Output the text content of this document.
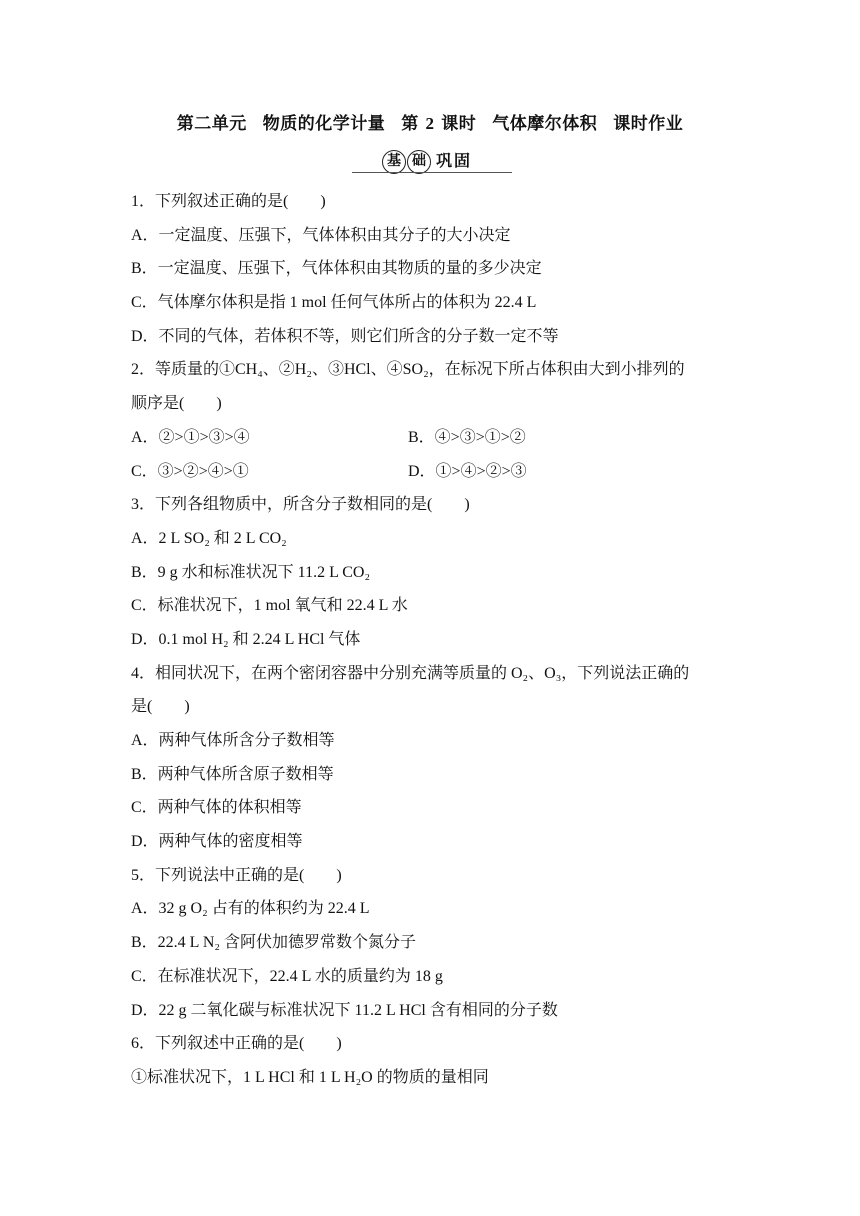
第二单元 物质的化学计量 第 2 课时 气体摩尔体积 课时作业
基 础 巩固
1．下列叙述正确的是(　　)
A．一定温度、压强下，气体体积由其分子的大小决定
B．一定温度、压强下，气体体积由其物质的量的多少决定
C．气体摩尔体积是指 1 mol 任何气体所占的体积为 22.4 L
D．不同的气体，若体积不等，则它们所含的分子数一定不等
2．等质量的①CH₄、②H₂、③HCl、④SO₂，在标况下所占体积由大到小排列的
顺序是(　　)
A．②>①>③>④	B．④>③>①>②
C．③>②>④>①	D．①>④>②>③
3．下列各组物质中，所含分子数相同的是(　　)
A．2 L SO₂ 和 2 L CO₂
B．9 g 水和标准状况下 11.2 L CO₂
C．标准状况下，1 mol 氧气和 22.4 L 水
D．0.1 mol H₂ 和 2.24 L HCl 气体
4．相同状况下，在两个密闭容器中分别充满等质量的 O₂、O₃，下列说法正确的
是(　　)
A．两种气体所含分子数相等
B．两种气体所含原子数相等
C．两种气体的体积相等
D．两种气体的密度相等
5．下列说法中正确的是(　　)
A．32 g O₂ 占有的体积约为 22.4 L
B．22.4 L N₂ 含阿伏加德罗常数个氮分子
C．在标准状况下，22.4 L 水的质量约为 18 g
D．22 g 二氧化碳与标准状况下 11.2 L HCl 含有相同的分子数
6．下列叙述中正确的是(　　)
①标准状况下，1 L HCl 和 1 L H₂O 的物质的量相同
